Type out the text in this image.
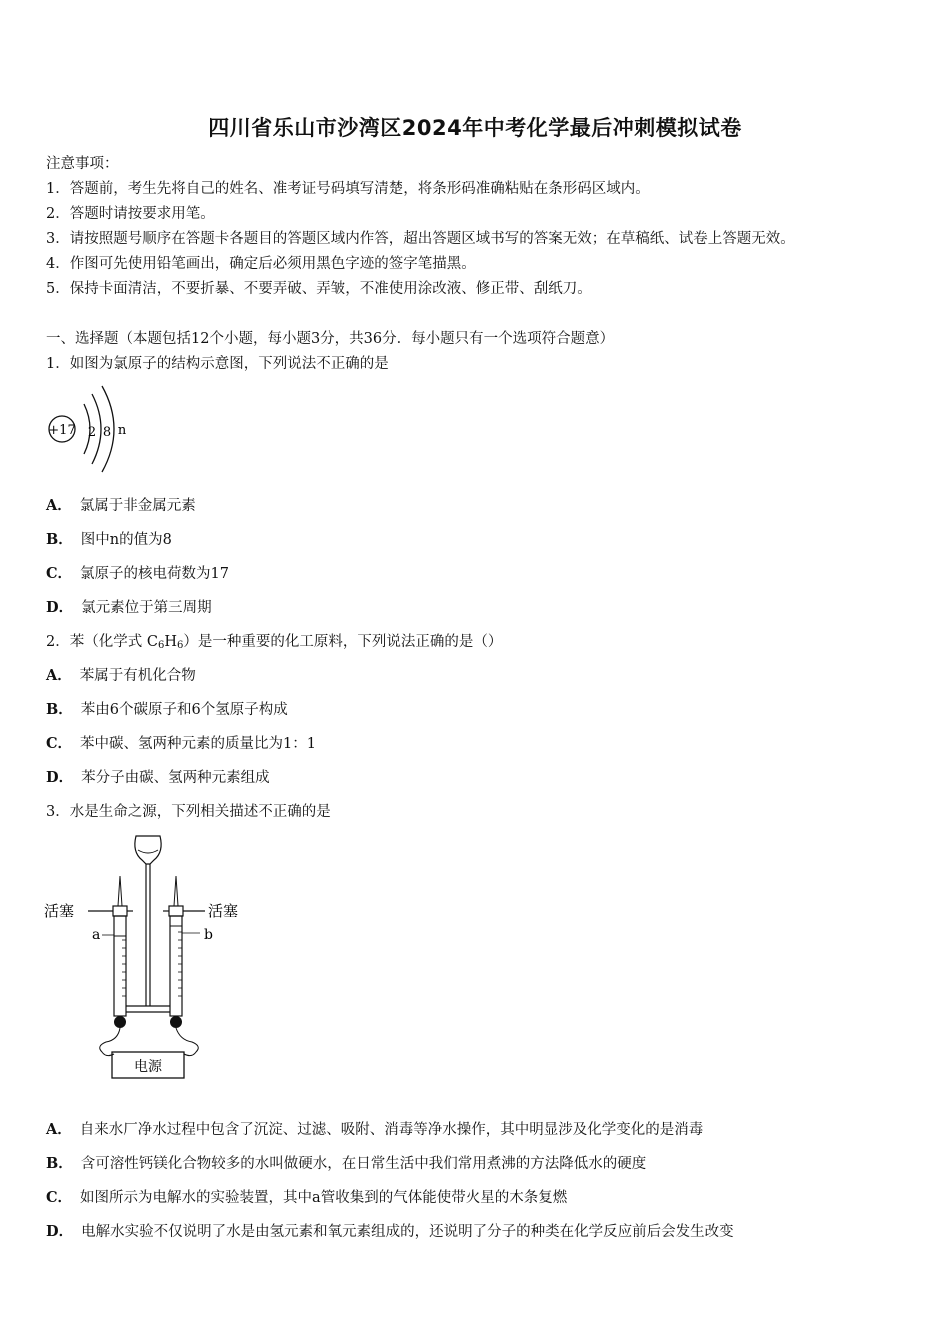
四川省乐山市沙湾区2024年中考化学最后冲刺模拟试卷
注意事项：
1．答题前，考生先将自己的姓名、准考证号码填写清楚，将条形码准确粘贴在条形码区域内。
2．答题时请按要求用笔。
3．请按照题号顺序在答题卡各题目的答题区域内作答，超出答题区域书写的答案无效；在草稿纸、试卷上答题无效。
4．作图可先使用铅笔画出，确定后必须用黑色字迹的签字笔描黑。
5．保持卡面清洁，不要折暴、不要弄破、弄皱，不准使用涂改液、修正带、刮纸刀。
一、选择题（本题包括12个小题，每小题3分，共36分．每小题只有一个选项符合题意）
1．如图为氯原子的结构示意图，下列说法不正确的是
+17 2 8 n
A． 氯属于非金属元素
B． 图中n的值为8
C． 氯原子的核电荷数为17
D． 氯元素位于第三周期
2．苯（化学式 $C_6H_6$）是一种重要的化工原料，下列说法正确的是（）
A． 苯属于有机化合物
B． 苯由6个碳原子和6个氢原子构成
C． 苯中碳、氢两种元素的质量比为1：1
D． 苯分子由碳、氢两种元素组成
3．水是生命之源，下列相关描述不正确的是
电源
活塞	活塞
a	b
A． 自来水厂净水过程中包含了沉淀、过滤、吸附、消毒等净水操作，其中明显涉及化学变化的是消毒
B． 含可溶性钙镁化合物较多的水叫做硬水，在日常生活中我们常用煮沸的方法降低水的硬度
C． 如图所示为电解水的实验装置，其中a管收集到的气体能使带火星的木条复燃
D． 电解水实验不仅说明了水是由氢元素和氧元素组成的，还说明了分子的种类在化学反应前后会发生改变
